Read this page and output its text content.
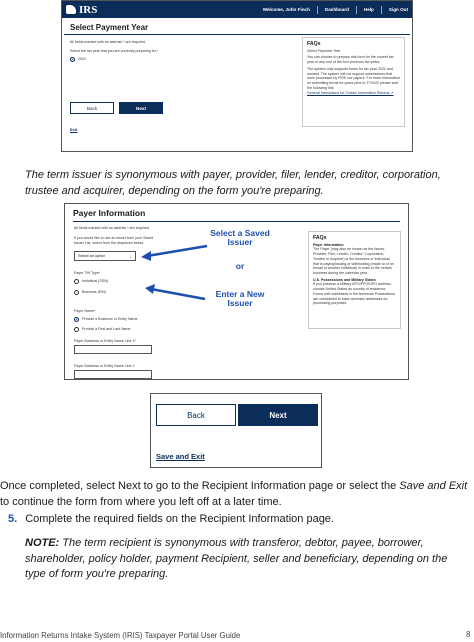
IRS	Welcome, John Finch	Dashboard	Help	Sign Out
Select Payment Year
All fields marked with an asterisk * are required.
Select the tax year that you are currently preparing for.*
2022
Back	Next
Exit
FAQs
Select Payment Year
You can choose to prepare this form for the current tax year or any one of the four previous tax years.
The system only supports forms for tax year 2022 and onward. The system will not support submissions that were processed by FIRE nor papers. For more information on submitting forms for years prior to TY2022 please visit the following link:
General Instructions for Certain Information Returns ↗
The term issuer is synonymous with payer, provider, filer, lender, creditor, corporation, trustee and acquirer, depending on the form you're preparing.
Payer Information
All fields marked with an asterisk * are required.
If you would like to use an issuer from your Saved Issuer List, select from the dropdown below.
Select an option	⌄
Payer TIN Type*
Individual (SSN)
Business (EIN)
Payer Name*
Provide a Business or Entity Name
Provide a First and Last Name
Payer Business or Entity Name Line 1*
Payer Business or Entity Name Line 2
Select a Saved Issuer
or
Enter a New Issuer
FAQs
Payer Information
The Payer (may also be known as the Issuer, Provider, Filer, Lender, Creditor, Corporation, Trustee or Acquirer) is the business or individual that is paying/issuing or withholding (made to or on behalf of another individual) in order to file certain business during the calendar year.
U.S. Possessions and Military States
If you possess a Military APO/FPO/DPO address, choose United States as country of residence. Forms with addresses in the American Possessions are considered to have domestic addresses for processing purposes.
Back	Next
Save and Exit
Once completed, select Next to go to the Recipient Information page or select the Save and Exit to continue the form from where you left off at a later time.
5. Complete the required fields on the Recipient Information page.
NOTE: The term recipient is synonymous with transferor, debtor, payee, borrower, shareholder, policy holder, payment Recipient, seller and beneficiary, depending on the type of form you're preparing.
Information Returns Intake System (IRIS) Taxpayer Portal User Guide	8
